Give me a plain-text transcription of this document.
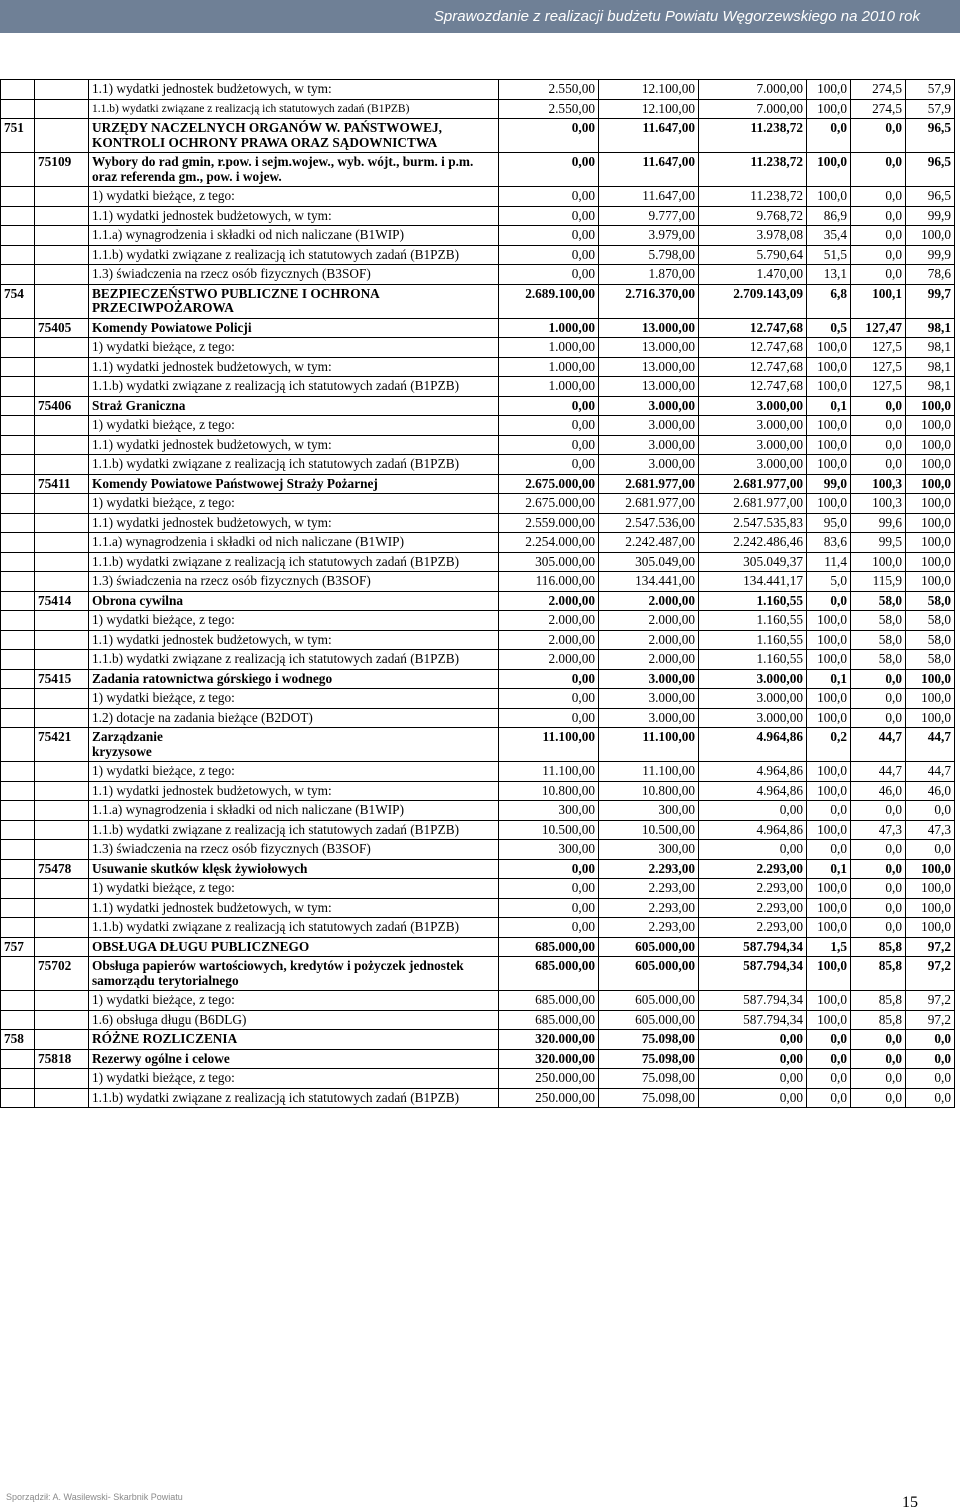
Sprawozdanie z realizacji budżetu Powiatu Węgorzewskiego na 2010 rok
		1.1) wydatki jednostek budżetowych, w tym:	2.550,00	12.100,00	7.000,00	100,0	274,5	57,9
		1.1.b) wydatki związane z realizacją ich statutowych zadań (B1PZB)	2.550,00	12.100,00	7.000,00	100,0	274,5	57,9
751		URZĘDY NACZELNYCH ORGANÓW W. PAŃSTWOWEJ, KONTROLI OCHRONY PRAWA ORAZ SĄDOWNICTWA	0,00	11.647,00	11.238,72	0,0	0,0	96,5
	75109	Wybory do rad gmin, r.pow. i sejm.wojew., wyb. wójt., burm. i p.m. oraz referenda gm., pow. i wojew.	0,00	11.647,00	11.238,72	100,0	0,0	96,5
		1) wydatki bieżące, z tego:	0,00	11.647,00	11.238,72	100,0	0,0	96,5
		1.1) wydatki jednostek budżetowych, w tym:	0,00	9.777,00	9.768,72	86,9	0,0	99,9
		1.1.a) wynagrodzenia i składki od nich naliczane (B1WIP)	0,00	3.979,00	3.978,08	35,4	0,0	100,0
		1.1.b) wydatki związane z realizacją ich statutowych zadań (B1PZB)	0,00	5.798,00	5.790,64	51,5	0,0	99,9
		1.3) świadczenia na rzecz osób fizycznych (B3SOF)	0,00	1.870,00	1.470,00	13,1	0,0	78,6
754		BEZPIECZEŃSTWO PUBLICZNE I OCHRONA PRZECIWPOŻAROWA	2.689.100,00	2.716.370,00	2.709.143,09	6,8	100,1	99,7
	75405	Komendy Powiatowe Policji	1.000,00	13.000,00	12.747,68	0,5	127,47	98,1
		1) wydatki bieżące, z tego:	1.000,00	13.000,00	12.747,68	100,0	127,5	98,1
		1.1) wydatki jednostek budżetowych, w tym:	1.000,00	13.000,00	12.747,68	100,0	127,5	98,1
		1.1.b) wydatki związane z realizacją ich statutowych zadań (B1PZB)	1.000,00	13.000,00	12.747,68	100,0	127,5	98,1
	75406	Straż Graniczna	0,00	3.000,00	3.000,00	0,1	0,0	100,0
		1) wydatki bieżące, z tego:	0,00	3.000,00	3.000,00	100,0	0,0	100,0
		1.1) wydatki jednostek budżetowych, w tym:	0,00	3.000,00	3.000,00	100,0	0,0	100,0
		1.1.b) wydatki związane z realizacją ich statutowych zadań (B1PZB)	0,00	3.000,00	3.000,00	100,0	0,0	100,0
	75411	Komendy Powiatowe Państwowej Straży Pożarnej	2.675.000,00	2.681.977,00	2.681.977,00	99,0	100,3	100,0
		1) wydatki bieżące, z tego:	2.675.000,00	2.681.977,00	2.681.977,00	100,0	100,3	100,0
		1.1) wydatki jednostek budżetowych, w tym:	2.559.000,00	2.547.536,00	2.547.535,83	95,0	99,6	100,0
		1.1.a) wynagrodzenia i składki od nich naliczane (B1WIP)	2.254.000,00	2.242.487,00	2.242.486,46	83,6	99,5	100,0
		1.1.b) wydatki związane z realizacją ich statutowych zadań (B1PZB)	305.000,00	305.049,00	305.049,37	11,4	100,0	100,0
		1.3) świadczenia na rzecz osób fizycznych (B3SOF)	116.000,00	134.441,00	134.441,17	5,0	115,9	100,0
	75414	Obrona cywilna	2.000,00	2.000,00	1.160,55	0,0	58,0	58,0
		1) wydatki bieżące, z tego:	2.000,00	2.000,00	1.160,55	100,0	58,0	58,0
		1.1) wydatki jednostek budżetowych, w tym:	2.000,00	2.000,00	1.160,55	100,0	58,0	58,0
		1.1.b) wydatki związane z realizacją ich statutowych zadań (B1PZB)	2.000,00	2.000,00	1.160,55	100,0	58,0	58,0
	75415	Zadania ratownictwa górskiego i wodnego	0,00	3.000,00	3.000,00	0,1	0,0	100,0
		1) wydatki bieżące, z tego:	0,00	3.000,00	3.000,00	100,0	0,0	100,0
		1.2) dotacje na zadania bieżące (B2DOT)	0,00	3.000,00	3.000,00	100,0	0,0	100,0
	75421	Zarządzanie kryzysowe	11.100,00	11.100,00	4.964,86	0,2	44,7	44,7
		1) wydatki bieżące, z tego:	11.100,00	11.100,00	4.964,86	100,0	44,7	44,7
		1.1) wydatki jednostek budżetowych, w tym:	10.800,00	10.800,00	4.964,86	100,0	46,0	46,0
		1.1.a) wynagrodzenia i składki od nich naliczane (B1WIP)	300,00	300,00	0,00	0,0	0,0	0,0
		1.1.b) wydatki związane z realizacją ich statutowych zadań (B1PZB)	10.500,00	10.500,00	4.964,86	100,0	47,3	47,3
		1.3) świadczenia na rzecz osób fizycznych (B3SOF)	300,00	300,00	0,00	0,0	0,0	0,0
	75478	Usuwanie skutków klęsk żywiołowych	0,00	2.293,00	2.293,00	0,1	0,0	100,0
		1) wydatki bieżące, z tego:	0,00	2.293,00	2.293,00	100,0	0,0	100,0
		1.1) wydatki jednostek budżetowych, w tym:	0,00	2.293,00	2.293,00	100,0	0,0	100,0
		1.1.b) wydatki związane z realizacją ich statutowych zadań (B1PZB)	0,00	2.293,00	2.293,00	100,0	0,0	100,0
757		OBSŁUGA DŁUGU PUBLICZNEGO	685.000,00	605.000,00	587.794,34	1,5	85,8	97,2
	75702	Obsługa papierów wartościowych, kredytów i pożyczek jednostek samorządu terytorialnego	685.000,00	605.000,00	587.794,34	100,0	85,8	97,2
		1) wydatki bieżące, z tego:	685.000,00	605.000,00	587.794,34	100,0	85,8	97,2
		1.6) obsługa długu (B6DLG)	685.000,00	605.000,00	587.794,34	100,0	85,8	97,2
758		RÓŻNE ROZLICZENIA	320.000,00	75.098,00	0,00	0,0	0,0	0,0
	75818	Rezerwy ogólne i celowe	320.000,00	75.098,00	0,00	0,0	0,0	0,0
		1) wydatki bieżące, z tego:	250.000,00	75.098,00	0,00	0,0	0,0	0,0
		1.1.b) wydatki związane z realizacją ich statutowych zadań (B1PZB)	250.000,00	75.098,00	0,00	0,0	0,0	0,0
Sporządził: A. Wasilewski- Skarbnik Powiatu	15
